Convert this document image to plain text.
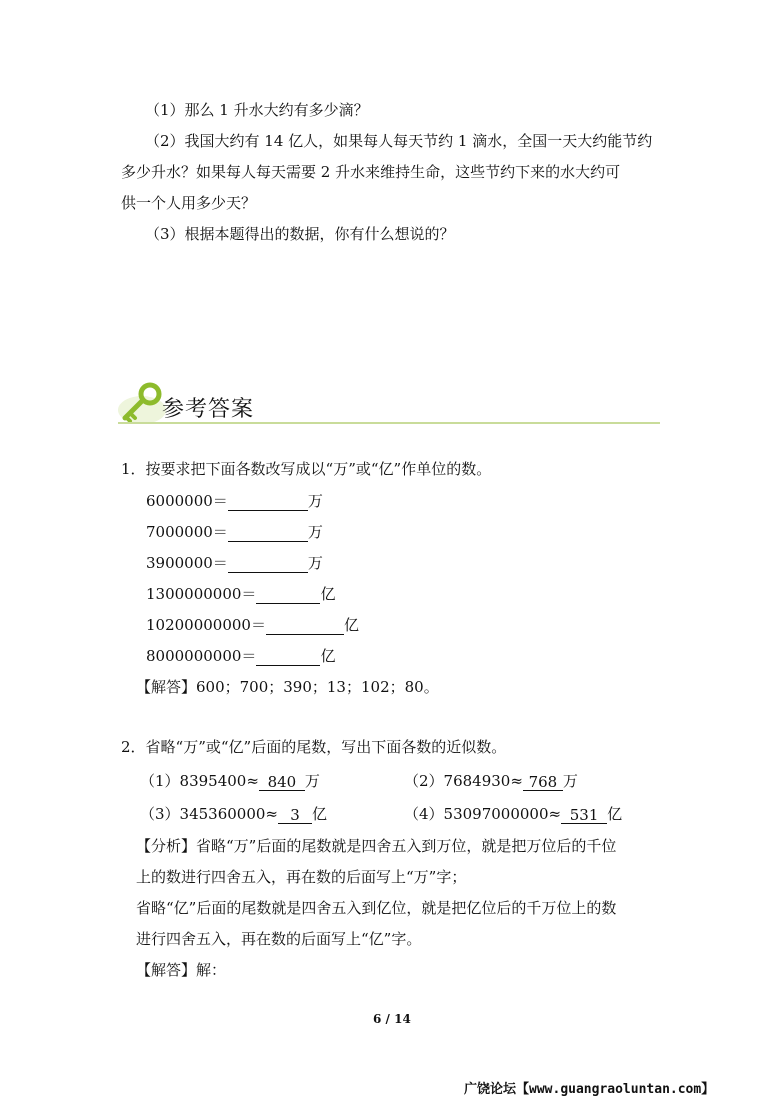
（1）那么 1 升水大约有多少滴？
（2）我国大约有 14 亿人，如果每人每天节约 1 滴水，全国一天大约能节约
多少升水？如果每人每天需要 2 升水来维持生命，这些节约下来的水大约可
供一个人用多少天？
（3）根据本题得出的数据，你有什么想说的？
参考答案
1．按要求把下面各数改写成以“万”或“亿”作单位的数。
6000000＝	万
7000000＝	万
3900000＝	万
1300000000＝	亿
10200000000＝	亿
8000000000＝	亿
【解答】600；700；390；13；102；80。
2．省略“万”或“亿”后面的尾数，写出下面各数的近似数。
（1）8395400≈ 840 万	（2）7684930≈ 768 万
（3）345360000≈ 3 亿	（4）53097000000≈ 531 亿
【分析】省略“万”后面的尾数就是四舍五入到万位，就是把万位后的千位
上的数进行四舍五入，再在数的后面写上“万”字；
省略“亿”后面的尾数就是四舍五入到亿位，就是把亿位后的千万位上的数
进行四舍五入，再在数的后面写上“亿”字。
【解答】解：
6 / 14
广饶论坛【www.guangraoluntan.com】
